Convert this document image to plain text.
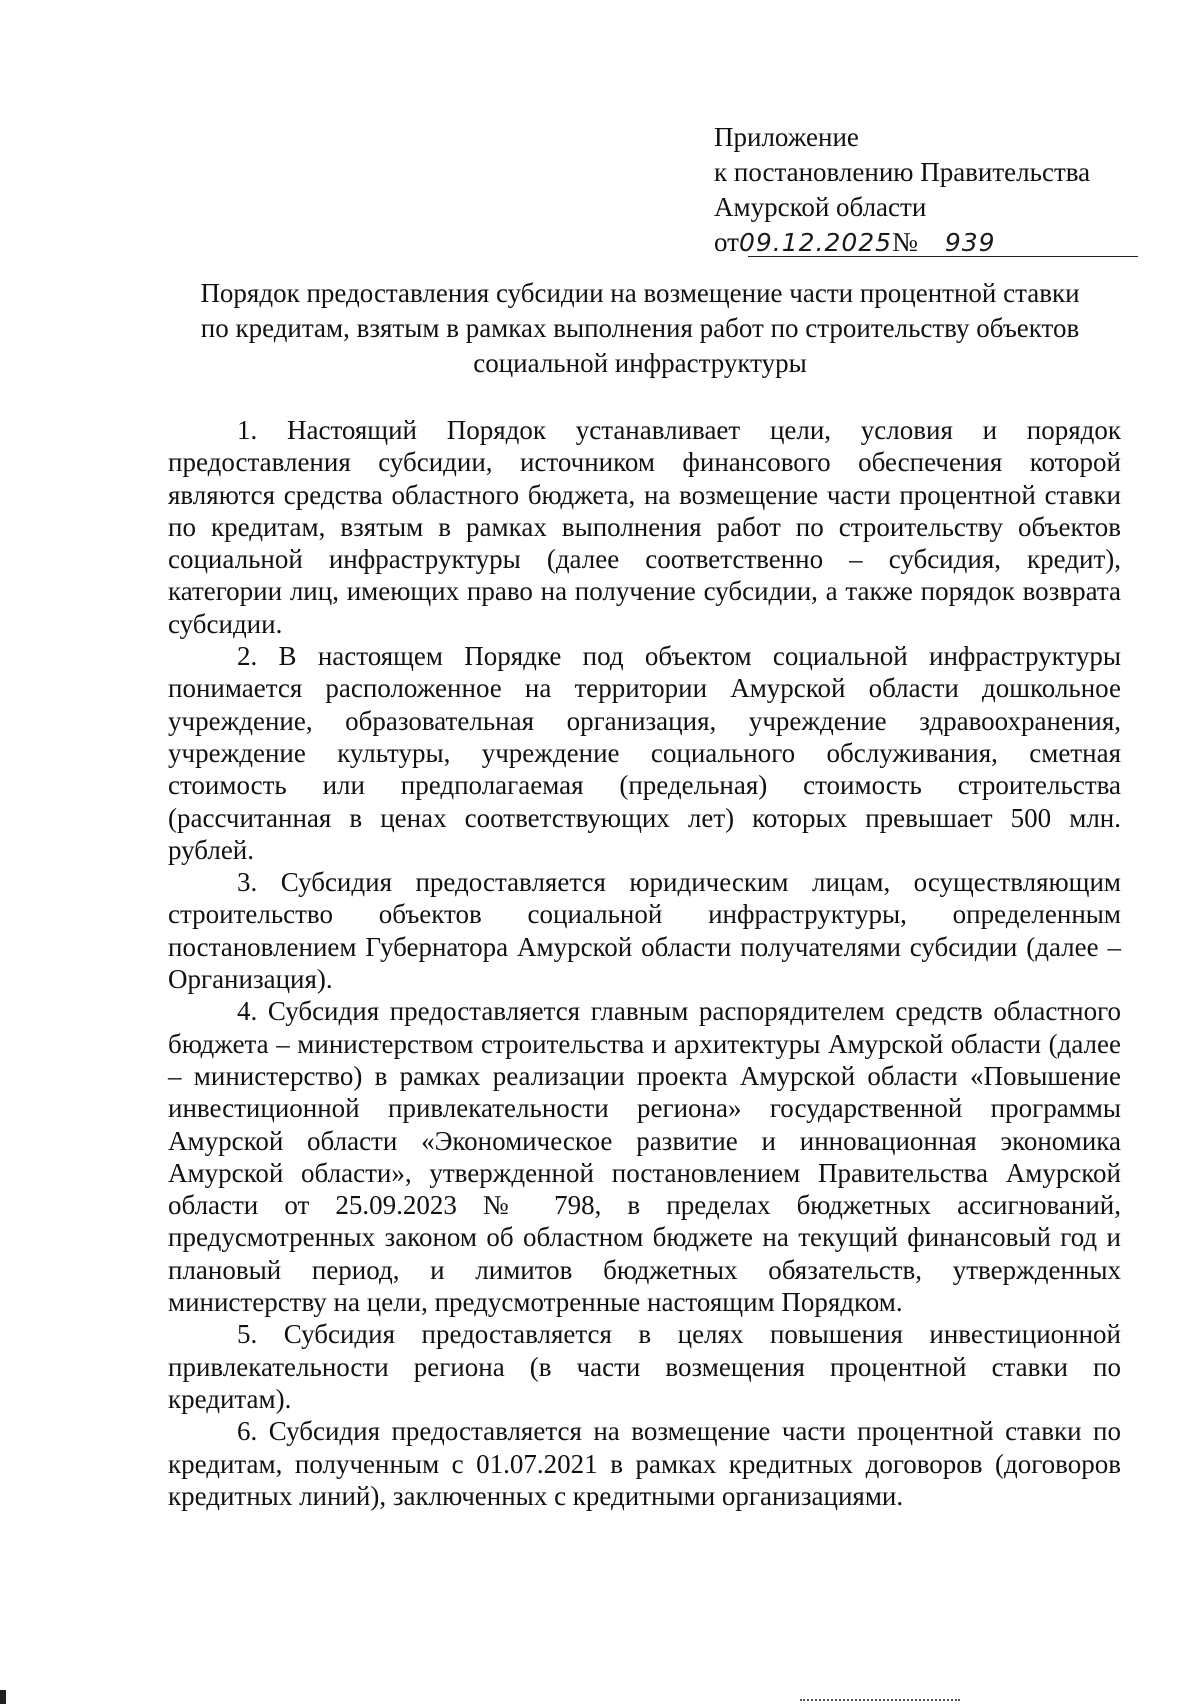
Приложение
к постановлению Правительства
Амурской области
от09.12.2025№ 939
Порядок предоставления субсидии на возмещение части процентной ставки
по кредитам, взятым в рамках выполнения работ по строительству объектов
социальной инфраструктуры

1. Настоящий Порядок устанавливает цели, условия и порядок предоставления субсидии, источником финансового обеспечения которой являются средства областного бюджета, на возмещение части процентной ставки по кредитам, взятым в рамках выполнения работ по строительству объектов социальной инфраструктуры (далее соответственно – субсидия, кредит), категории лиц, имеющих право на получение субсидии, а также порядок возврата субсидии.

2. В настоящем Порядке под объектом социальной инфраструктуры понимается расположенное на территории Амурской области дошкольное учреждение, образовательная организация, учреждение здравоохранения, учреждение культуры, учреждение социального обслуживания, сметная стоимость или предполагаемая (предельная) стоимость строительства (рассчитанная в ценах соответствующих лет) которых превышает 500 млн. рублей.

3. Субсидия предоставляется юридическим лицам, осуществляющим строительство объектов социальной инфраструктуры, определенным постановлением Губернатора Амурской области получателями субсидии (далее – Организация).

4. Субсидия предоставляется главным распорядителем средств областного бюджета – министерством строительства и архитектуры Амурской области (далее – министерство) в рамках реализации проекта Амурской области «Повышение инвестиционной привлекательности региона» государственной программы Амурской области «Экономическое развитие и инновационная экономика Амурской области», утвержденной постановлением Правительства Амурской области от 25.09.2023 № 798, в пределах бюджетных ассигнований, предусмотренных законом об областном бюджете на текущий финансовый год и плановый период, и лимитов бюджетных обязательств, утвержденных министерству на цели, предусмотренные настоящим Порядком.

5. Субсидия предоставляется в целях повышения инвестиционной привлекательности региона (в части возмещения процентной ставки по кредитам).

6. Субсидия предоставляется на возмещение части процентной ставки по кредитам, полученным с 01.07.2021 в рамках кредитных договоров (договоров кредитных линий), заключенных с кредитными организациями.
